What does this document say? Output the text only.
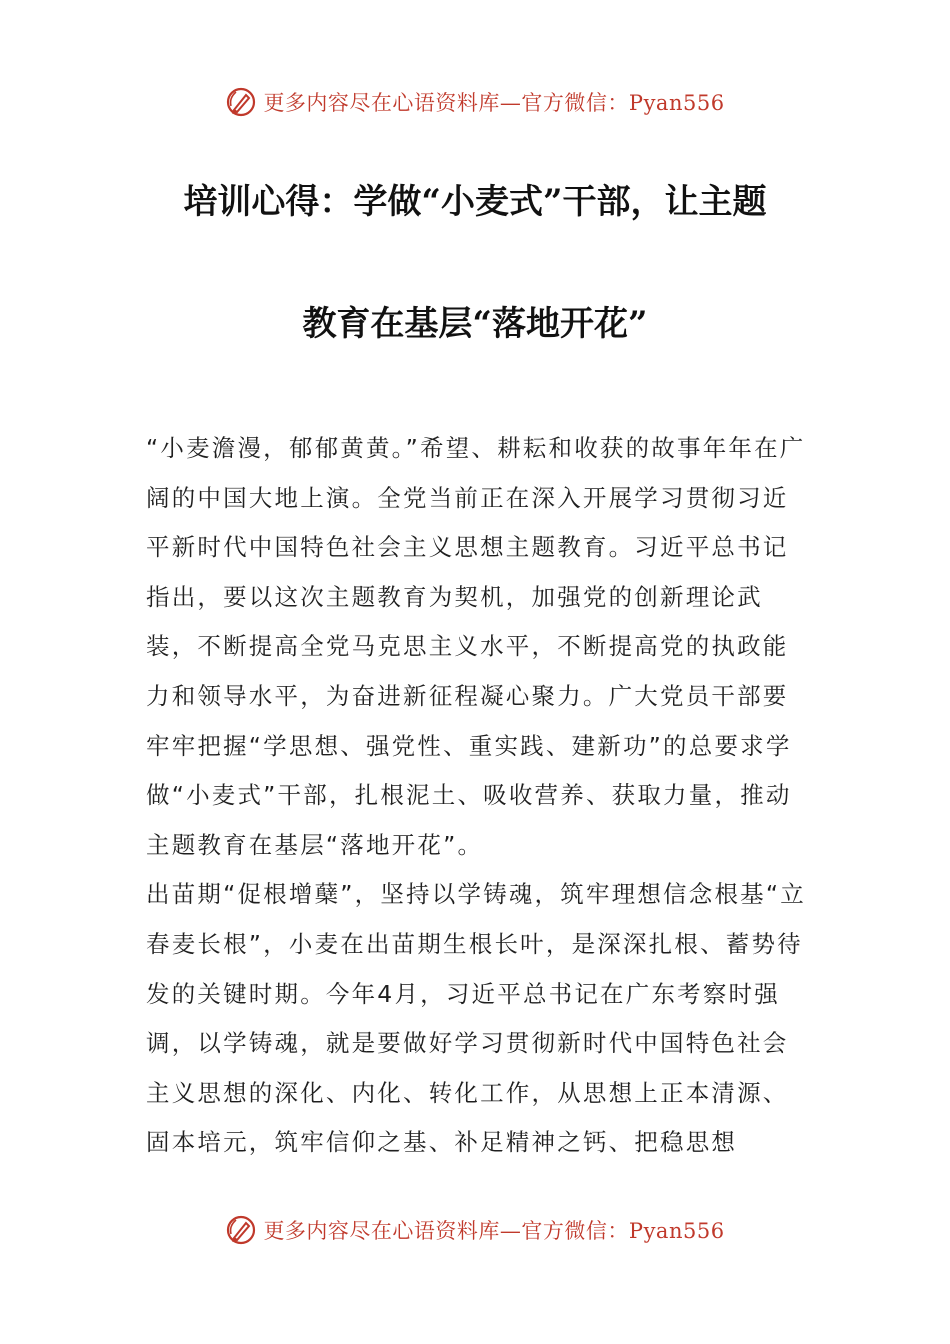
更多内容尽在心语资料库—官方微信：Pyan556
培训心得：学做“小麦式”干部，让主题
教育在基层“落地开花”

“小麦澹漫，郁郁黄黄。”希望、耕耘和收获的故事年年在广阔的中国大地上演。全党当前正在深入开展学习贯彻习近平新时代中国特色社会主义思想主题教育。习近平总书记指出，要以这次主题教育为契机，加强党的创新理论武装，不断提高全党马克思主义水平，不断提高党的执政能力和领导水平，为奋进新征程凝心聚力。广大党员干部要牢牢把握“学思想、强党性、重实践、建新功”的总要求学做“小麦式”干部，扎根泥土、吸收营养、获取力量，推动主题教育在基层“落地开花”。

出苗期“促根增蘖”，坚持以学铸魂，筑牢理想信念根基“立春麦长根”，小麦在出苗期生根长叶，是深深扎根、蓄势待发的关键时期。今年4月，习近平总书记在广东考察时强调，以学铸魂，就是要做好学习贯彻新时代中国特色社会主义思想的深化、内化、转化工作，从思想上正本清源、固本培元，筑牢信仰之基、补足精神之钙、把稳思想

更多内容尽在心语资料库—官方微信：Pyan556
